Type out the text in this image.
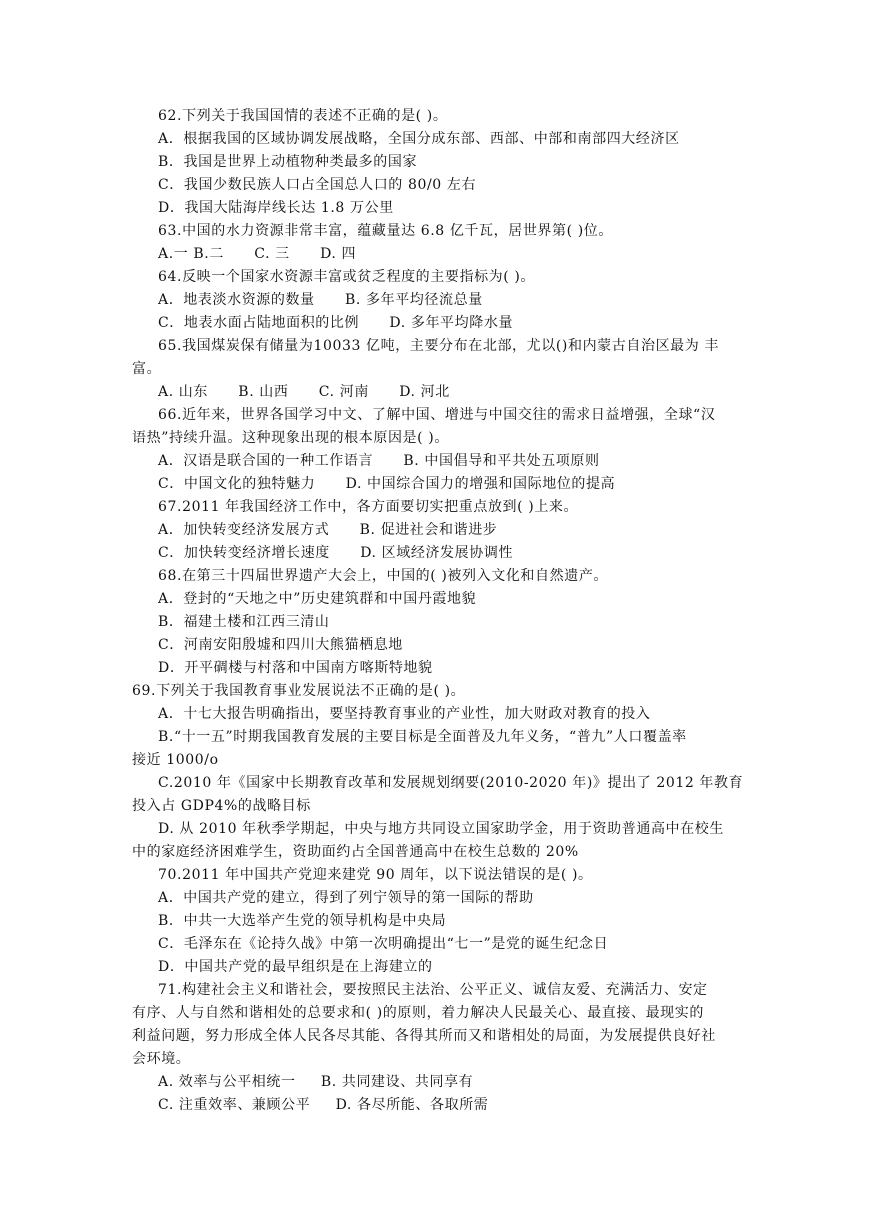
62.下列关于我国国情的表述不正确的是( )。
A．根据我国的区域协调发展战略，全国分成东部、西部、中部和南部四大经济区
B．我国是世界上动植物种类最多的国家
C．我国少数民族人口占全国总人口的 80/0 左右
D．我国大陆海岸线长达 1.8 万公里
63.中国的水力资源非常丰富，蕴藏量达 6.8 亿千瓦，居世界第( )位。
A.一 B.二      C. 三      D. 四
64.反映一个国家水资源丰富或贫乏程度的主要指标为( )。
A．地表淡水资源的数量      B. 多年平均径流总量
C．地表水面占陆地面积的比例      D. 多年平均降水量
65.我国煤炭保有储量为10033 亿吨，主要分布在北部，尤以()和内蒙古自治区最为 丰
富。
A. 山东      B. 山西      C. 河南      D. 河北
66.近年来，世界各国学习中文、了解中国、增进与中国交往的需求日益增强，全球“汉
语热”持续升温。这种现象出现的根本原因是( )。
A．汉语是联合国的一种工作语言      B. 中国倡导和平共处五项原则
C．中国文化的独特魅力      D. 中国综合国力的增强和国际地位的提高
67.2011 年我国经济工作中，各方面要切实把重点放到( )上来。
A．加快转变经济发展方式      B. 促进社会和谐进步
C．加快转变经济增长速度      D. 区域经济发展协调性
68.在第三十四届世界遗产大会上，中国的( )被列入文化和自然遗产。
A．登封的“天地之中”历史建筑群和中国丹霞地貌
B．福建土楼和江西三清山
C．河南安阳殷墟和四川大熊猫栖息地
D．开平碉楼与村落和中国南方喀斯特地貌
69.下列关于我国教育事业发展说法不正确的是( )。
A．十七大报告明确指出，要坚持教育事业的产业性，加大财政对教育的投入
B.“十一五”时期我国教育发展的主要目标是全面普及九年义务，“普九”人口覆盖率
接近 1000/o
C.2010 年《国家中长期教育改革和发展规划纲要(2010-2020 年)》提出了 2012 年教育
投入占 GDP4%的战略目标
D. 从 2010 年秋季学期起，中央与地方共同设立国家助学金，用于资助普通高中在校生
中的家庭经济困难学生，资助面约占全国普通高中在校生总数的 20%
70.2011 年中国共产党迎来建党 90 周年，以下说法错误的是( )。
A．中国共产党的建立，得到了列宁领导的第一国际的帮助
B．中共一大选举产生党的领导机构是中央局
C．毛泽东在《论持久战》中第一次明确提出“七一”是党的诞生纪念日
D．中国共产党的最早组织是在上海建立的
71.构建社会主义和谐社会，要按照民主法治、公平正义、诚信友爱、充满活力、安定
有序、人与自然和谐相处的总要求和( )的原则，着力解决人民最关心、最直接、最现实的
利益问题，努力形成全体人民各尽其能、各得其所而又和谐相处的局面，为发展提供良好社
会环境。
A. 效率与公平相统一     B. 共同建设、共同享有
C. 注重效率、兼顾公平     D. 各尽所能、各取所需
